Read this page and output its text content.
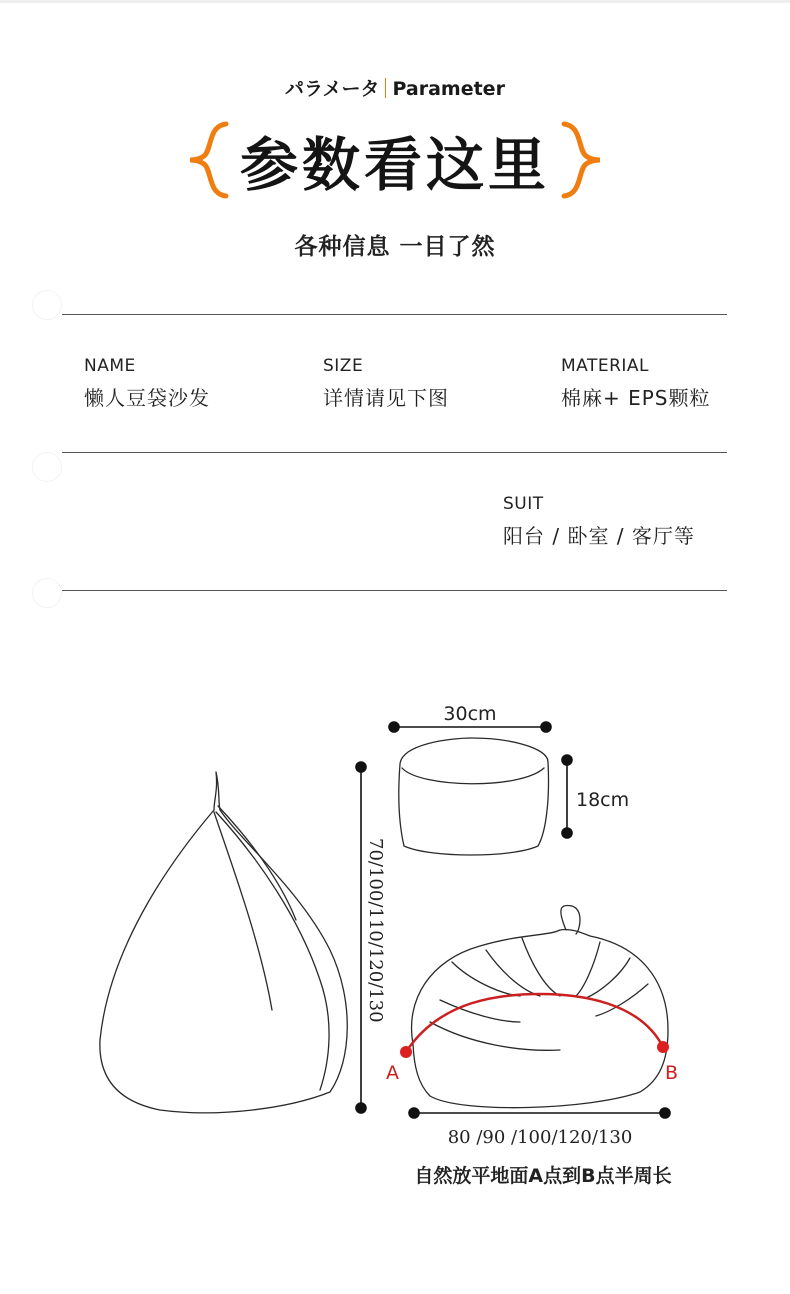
パラメータ Parameter
参数看这里
各种信息 一目了然
NAME
懒人豆袋沙发
SIZE
详情请见下图
MATERIAL
棉麻+ EPS颗粒
SUIT
阳台 / 卧室 / 客厅等
30cm
18cm
70/100/110/120/130
A	B
80 /90 /100/120/130
自然放平地面A点到B点半周长
